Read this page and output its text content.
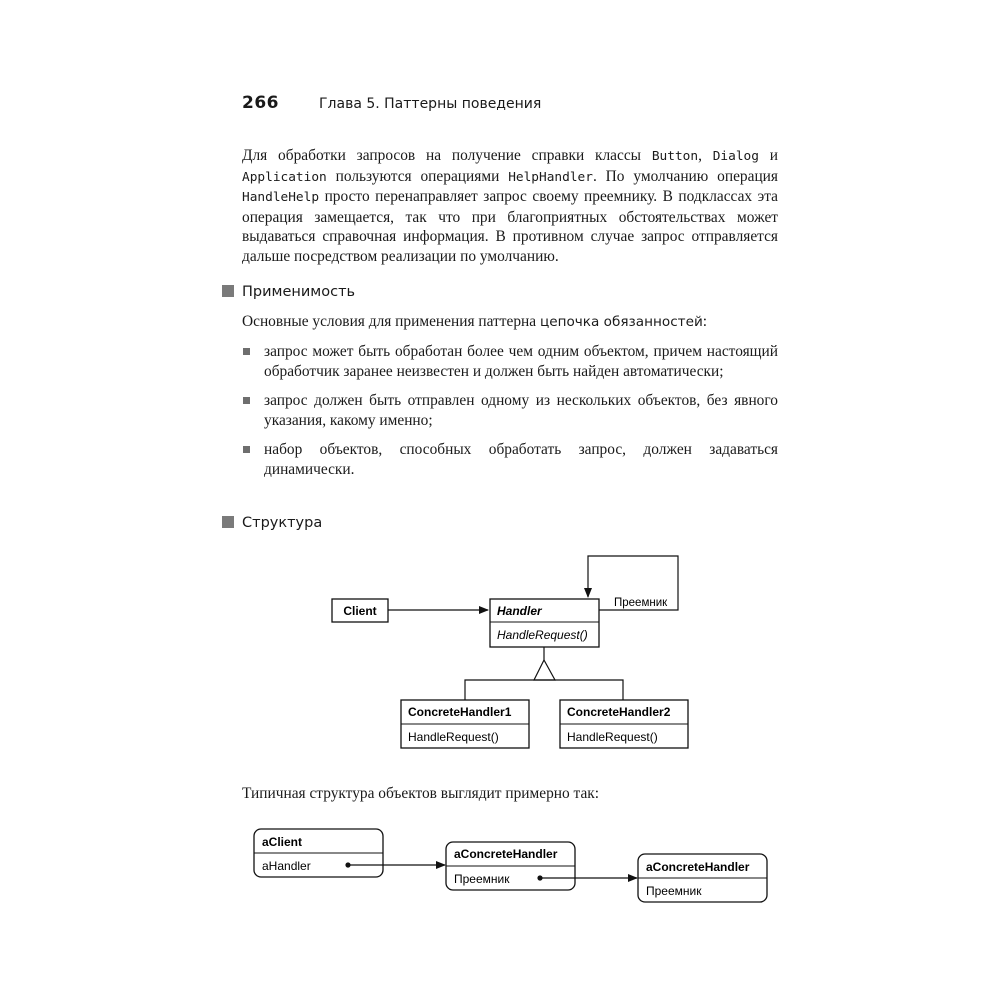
266	Глава 5. Паттерны поведения

Для обработки запросов на получение справки классы Button, Dialog и Application пользуются операциями HelpHandler. По умолчанию операция HandleHelp просто перенаправляет запрос своему преемнику. В подклассах эта операция замещается, так что при благоприятных обстоятельствах может выдаваться справочная информация. В противном случае запрос отправляется дальше посредством реализации по умолчанию.

Применимость

Основные условия для применения паттерна цепочка обязанностей:

запрос может быть обработан более чем одним объектом, причем настоящий обработчик заранее неизвестен и должен быть найден автоматически;
запрос должен быть отправлен одному из нескольких объектов, без явного указания, какому именно;
набор объектов, способных обработать запрос, должен задаваться динамически.
Структура
Client	Handler
HandleRequest()
Преемник
ConcreteHandler1
HandleRequest()
ConcreteHandler2
HandleRequest()
aClient
aHandler
aConcreteHandler
Преемник
aConcreteHandler
Преемник

Типичная структура объектов выглядит примерно так:
